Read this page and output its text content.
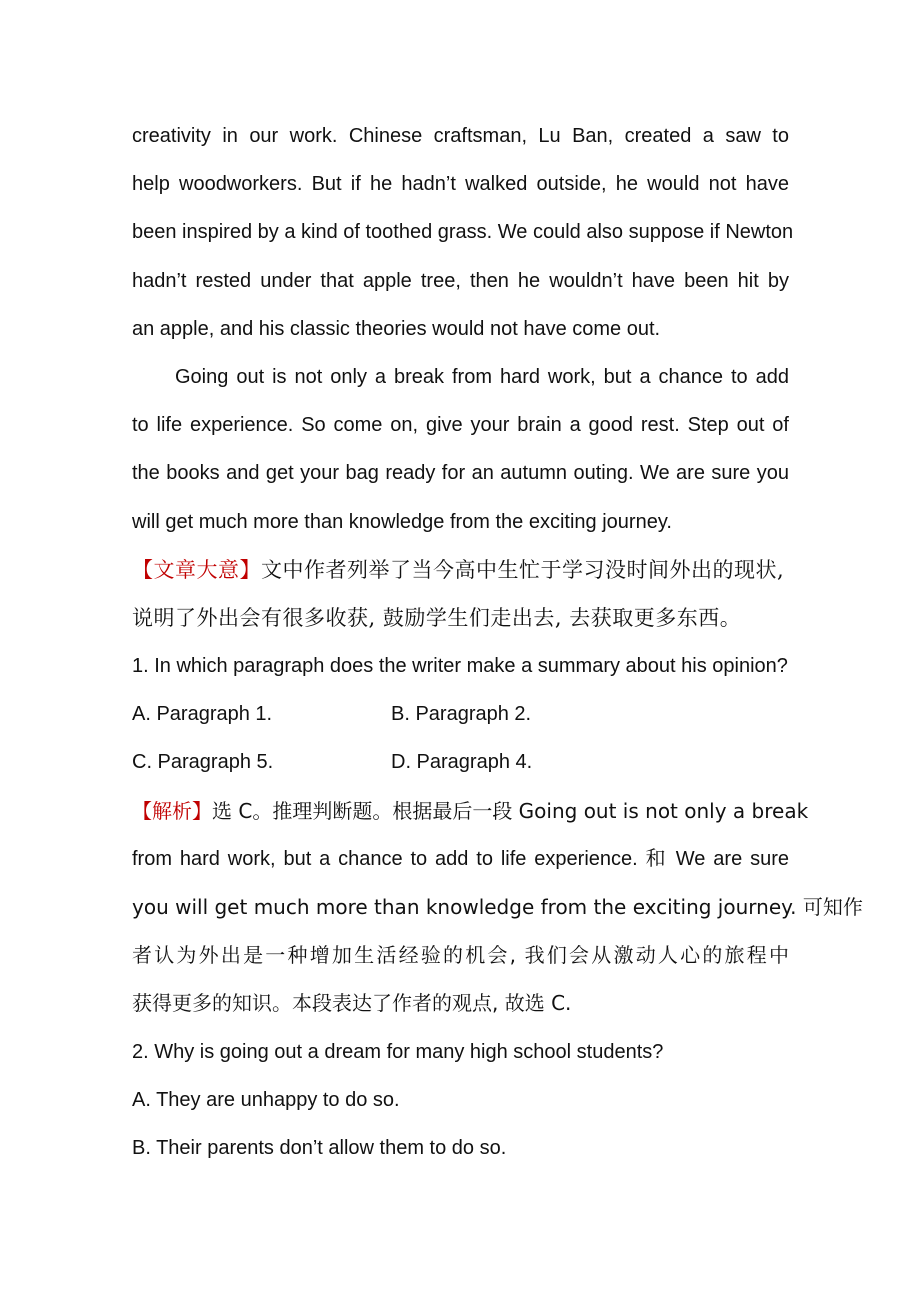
creativity in our work. Chinese craftsman, Lu Ban, created a saw to
help woodworkers. But if he hadn’t walked outside, he would not have
been inspired by a kind of toothed grass. We could also suppose if Newton
hadn’t rested under that apple tree, then he wouldn’t have been hit by
an apple, and his classic theories would not have come out.
Going out is not only a break from hard work, but a chance to add
to life experience. So come on, give your brain a good rest. Step out of
the books and get your bag ready for an autumn outing. We are sure you
will get much more than knowledge from the exciting journey.
【文章大意】文中作者列举了当今高中生忙于学习没时间外出的现状,
说明了外出会有很多收获, 鼓励学生们走出去, 去获取更多东西。
1. In which paragraph does the writer make a summary about his opinion?
A. Paragraph 1.	B. Paragraph 2.
C. Paragraph 5.	D. Paragraph 4.
【解析】选 C。推理判断题。根据最后一段 Going out is not only a break
from hard work, but a chance to add to life experience. 和 We are sure
you will get much more than knowledge from the exciting journey. 可知作
者认为外出是一种增加生活经验的机会, 我们会从激动人心的旅程中
获得更多的知识。本段表达了作者的观点, 故选 C.
2. Why is going out a dream for many high school students?
A. They are unhappy to do so.
B. Their parents don’t allow them to do so.
